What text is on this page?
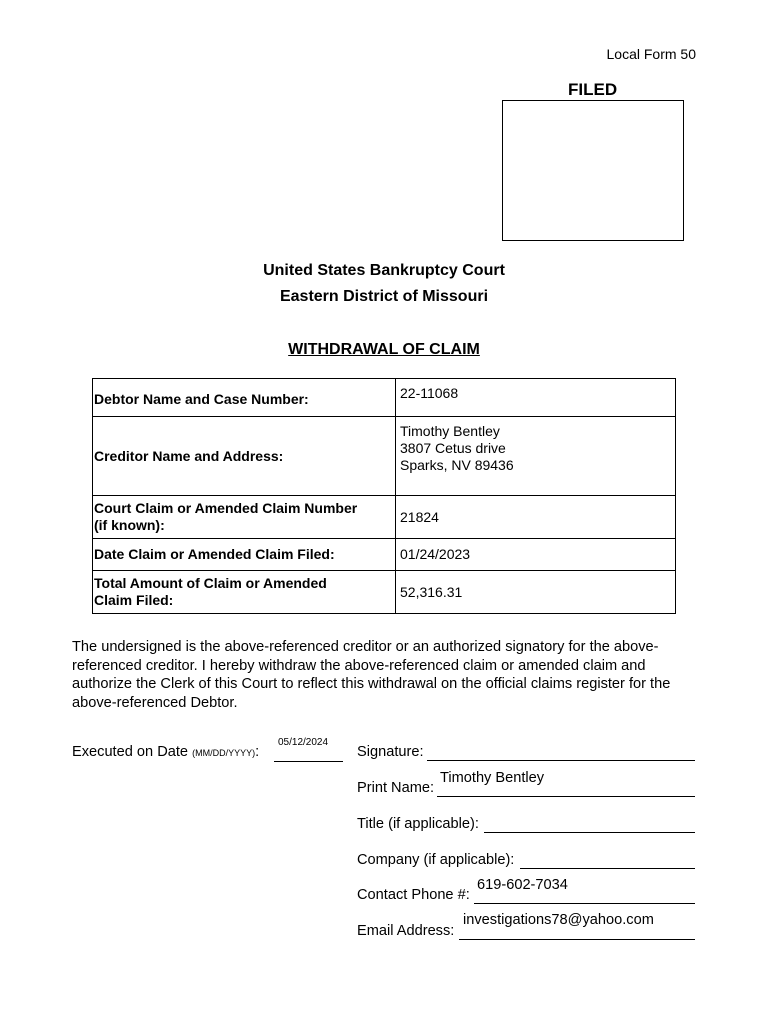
Local Form 50
FILED
United States Bankruptcy Court
Eastern District of Missouri
WITHDRAWAL OF CLAIM
Debtor Name and Case Number:	22-11068
Creditor Name and Address:	Timothy Bentley
3807 Cetus drive
Sparks, NV 89436

Court Claim or Amended Claim Number
(if known):	21824
Date Claim or Amended Claim Filed:	01/24/2023

Total Amount of Claim or Amended
Claim Filed:	52,316.31
The undersigned is the above-referenced creditor or an authorized signatory for the above-referenced creditor. I hereby withdraw the above-referenced claim or amended claim and authorize the Clerk of this Court to reflect this withdrawal on the official claims register for the above-referenced Debtor.
Executed on Date (MM/DD/YYYY):
05/12/2024
Signature:
Print Name:
Timothy Bentley
Title (if applicable):
Company (if applicable):
Contact Phone #:
619-602-7034
Email Address:
investigations78@yahoo.com
